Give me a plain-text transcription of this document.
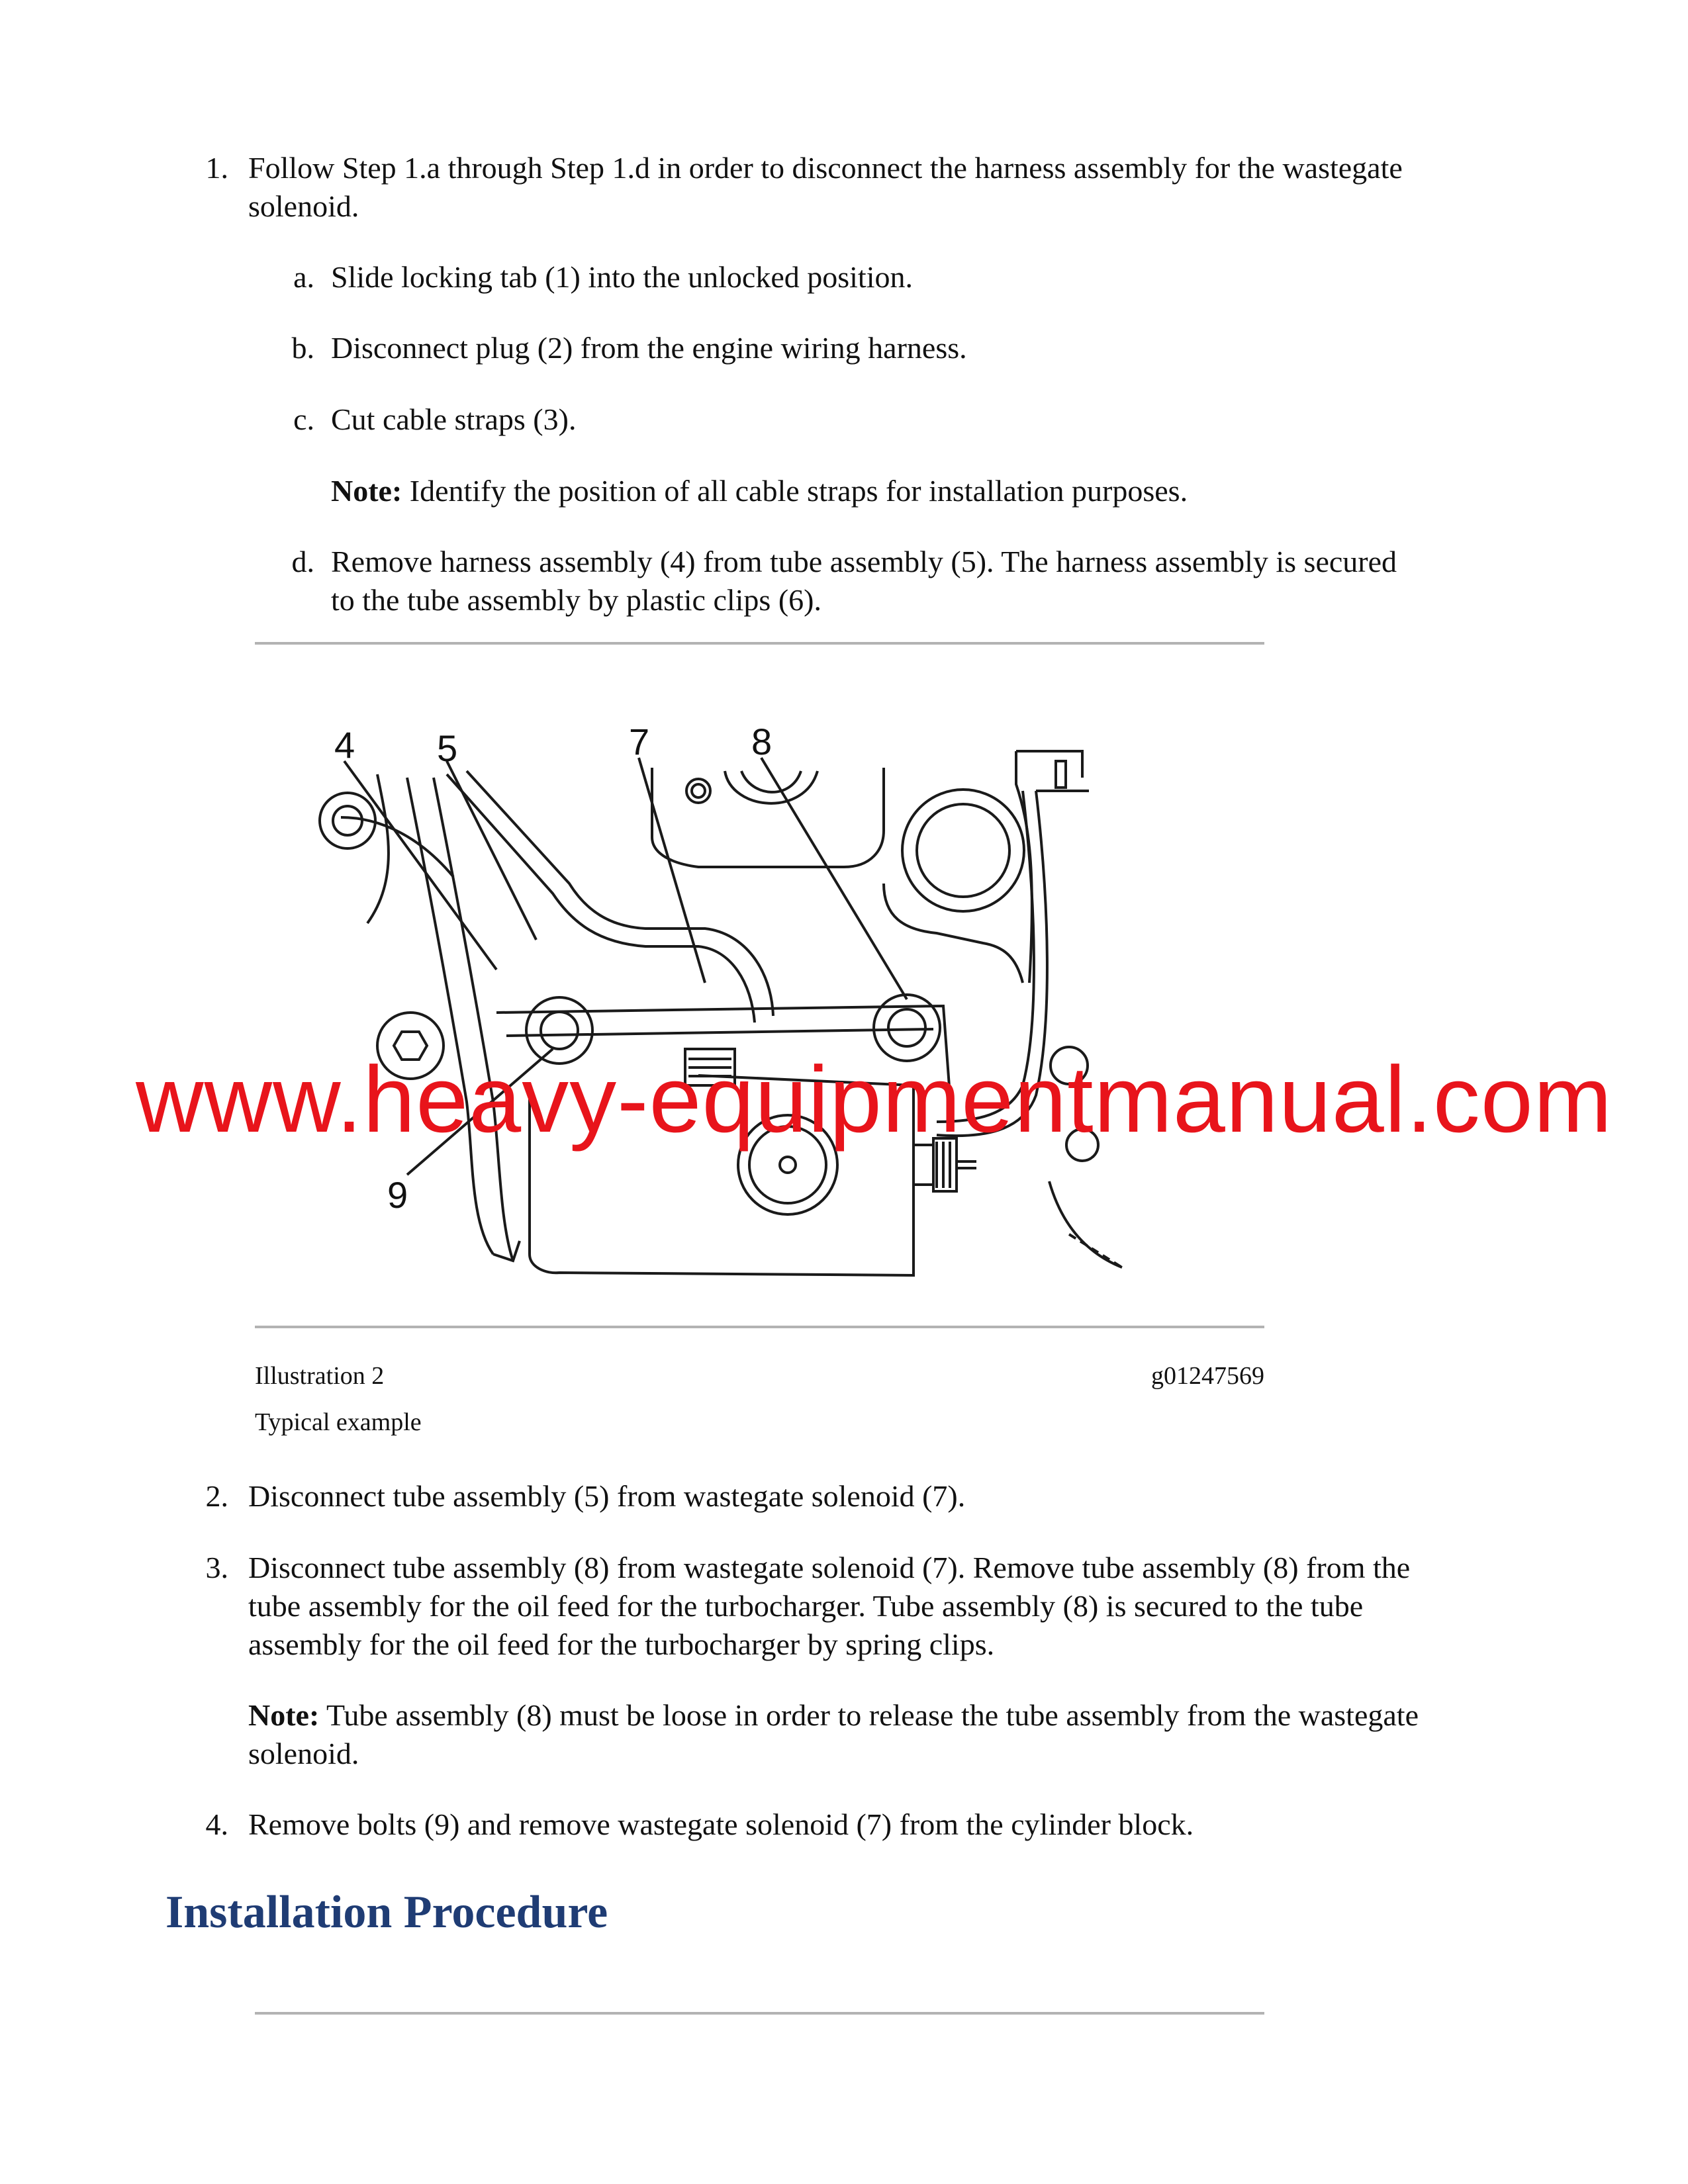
1. Follow Step 1.a through Step 1.d in order to disconnect the harness assembly for the wastegate
solenoid.
a. Slide locking tab (1) into the unlocked position.
b. Disconnect plug (2) from the engine wiring harness.
c. Cut cable straps (3).
Note: Identify the position of all cable straps for installation purposes.
d. Remove harness assembly (4) from tube assembly (5). The harness assembly is secured
to the tube assembly by plastic clips (6).
4 5	7	8
9
www.heavy-equipmentmanual.com
Illustration 2	g01247569
Typical example
2. Disconnect tube assembly (5) from wastegate solenoid (7).
3. Disconnect tube assembly (8) from wastegate solenoid (7). Remove tube assembly (8) from the
tube assembly for the oil feed for the turbocharger. Tube assembly (8) is secured to the tube
assembly for the oil feed for the turbocharger by spring clips.
Note: Tube assembly (8) must be loose in order to release the tube assembly from the wastegate
solenoid.
4. Remove bolts (9) and remove wastegate solenoid (7) from the cylinder block.
Installation Procedure
